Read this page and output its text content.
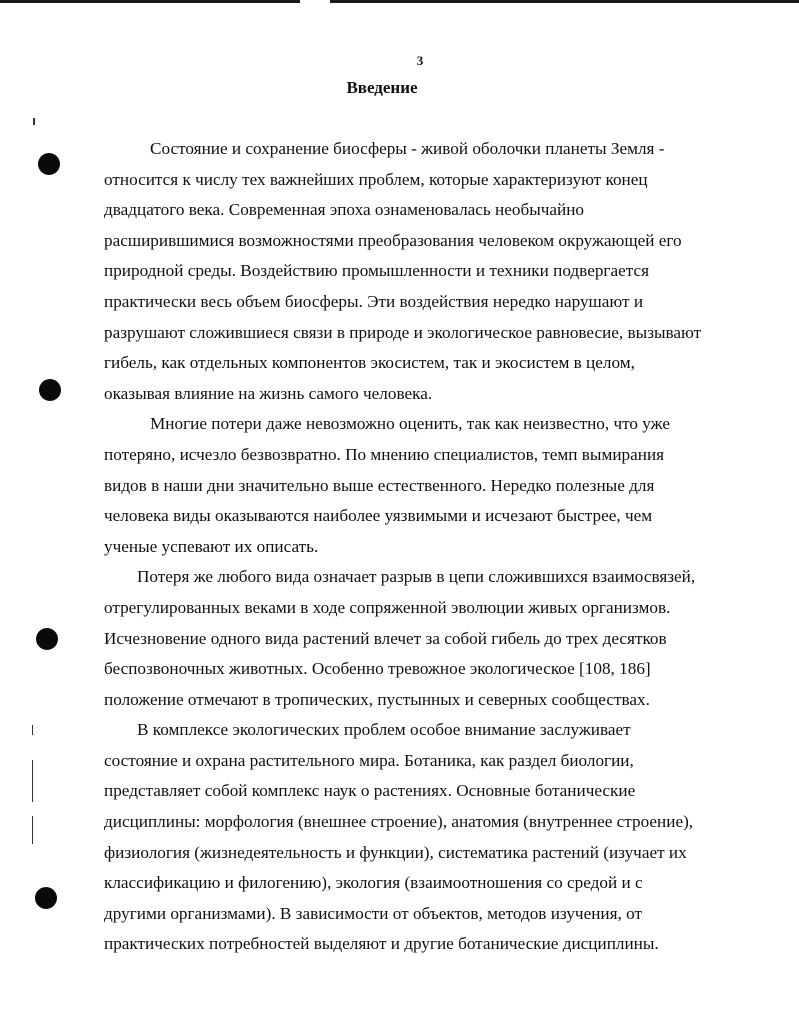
3
Введение
Состояние и сохранение биосферы - живой оболочки планеты Земля -
относится к числу тех важнейших проблем, которые характеризуют конец
двадцатого века. Современная эпоха ознаменовалась необычайно
расширившимися возможностями преобразования человеком окружающей его
природной среды. Воздействию промышленности и техники подвергается
практически весь объем биосферы. Эти воздействия нередко нарушают и
разрушают сложившиеся связи в природе и экологическое равновесие, вызывают
гибель, как отдельных компонентов экосистем, так и экосистем в целом,
оказывая влияние на жизнь самого человека.
Многие потери даже невозможно оценить, так как неизвестно, что уже
потеряно, исчезло безвозвратно. По мнению специалистов, темп вымирания
видов в наши дни значительно выше естественного. Нередко полезные для
человека виды оказываются наиболее уязвимыми и исчезают быстрее, чем
ученые успевают их описать.
Потеря же любого вида означает разрыв в цепи сложившихся взаимосвязей,
отрегулированных веками в ходе сопряженной эволюции живых организмов.
Исчезновение одного вида растений влечет за собой гибель до трех десятков
беспозвоночных животных. Особенно тревожное экологическое [108, 186]
положение отмечают в тропических, пустынных и северных сообществах.
В комплексе экологических проблем особое внимание заслуживает
состояние и охрана растительного мира. Ботаника, как раздел биологии,
представляет собой комплекс наук о растениях. Основные ботанические
дисциплины: морфология (внешнее строение), анатомия (внутреннее строение),
физиология (жизнедеятельность и функции), систематика растений (изучает их
классификацию и филогению), экология (взаимоотношения со средой и с
другими организмами). В зависимости от объектов, методов изучения, от
практических потребностей выделяют и другие ботанические дисциплины.
